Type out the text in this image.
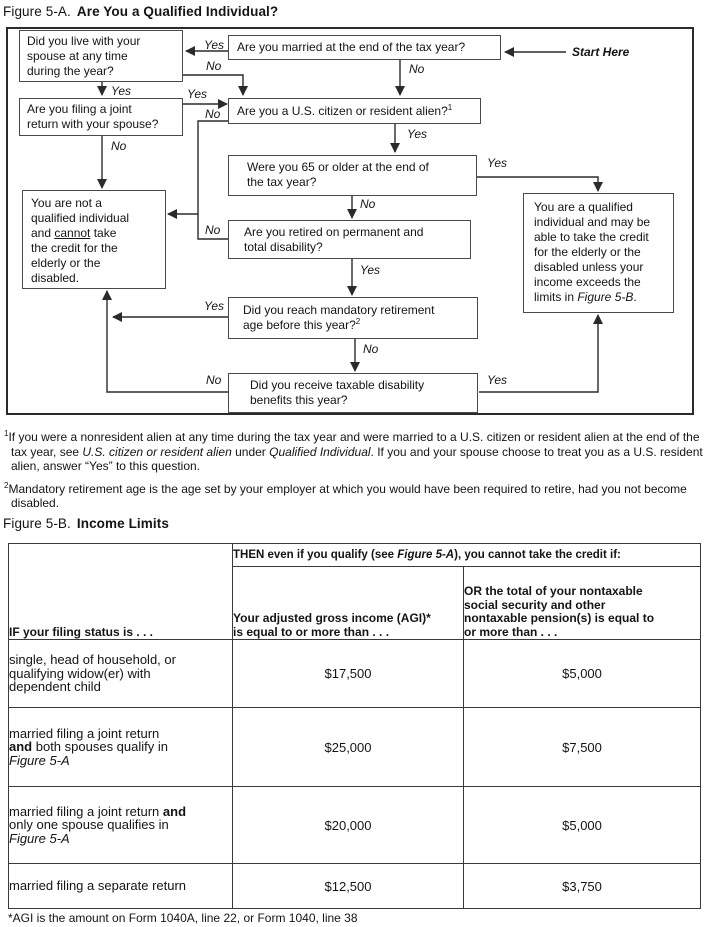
Figure 5-A. Are You a Qualified Individual?
Did you live with your
spouse at any time
during the year?
Are you married at the end of the tax year?
Are you filing a joint
return with your spouse?
Are you a U.S. citizen or resident alien?$^1$
Were you 65 or older at the end of
the tax year?
You are not a
qualified individual
and cannot take
the credit for the
elderly or the
disabled.
You are a qualified
individual and may be
able to take the credit
for the elderly or the
disabled unless your
income exceeds the
limits in Figure 5-B.
Are you retired on permanent and
total disability?
Did you reach mandatory retirement
age before this year?$^2$
Did you receive taxable disability
benefits this year?
Start Here
Yes
No
No
Yes	Yes
No
Yes
No
Yes
No
No
Yes
Yes
No
No	Yes
$^1$If you were a nonresident alien at any time during the tax year and were married to a U.S. citizen or resident alien at the end of the tax year, see U.S. citizen or resident alien under Qualified Individual. If you and your spouse choose to treat you as a U.S. resident alien, answer “Yes” to this question.
$^2$Mandatory retirement age is the age set by your employer at which you would have been required to retire, had you not become disabled.
Figure 5-B. Income Limits
IF your filing status is . . .	THEN even if you qualify (see Figure 5-A), you cannot take the credit if:	

	Your adjusted gross income (AGI)*
is equal to or more than . . .	OR the total of your nontaxable
social security and other
nontaxable pension(s) is equal to
or more than . . .

single, head of household, or
qualifying widow(er) with
dependent child	$17,500	$5,000

married filing a joint return
and both spouses qualify in
Figure 5-A	$25,000	$7,500

married filing a joint return and
only one spouse qualifies in
Figure 5-A	$20,000	$5,000
married filing a separate return	$12,500	$3,750
*AGI is the amount on Form 1040A, line 22, or Form 1040, line 38
